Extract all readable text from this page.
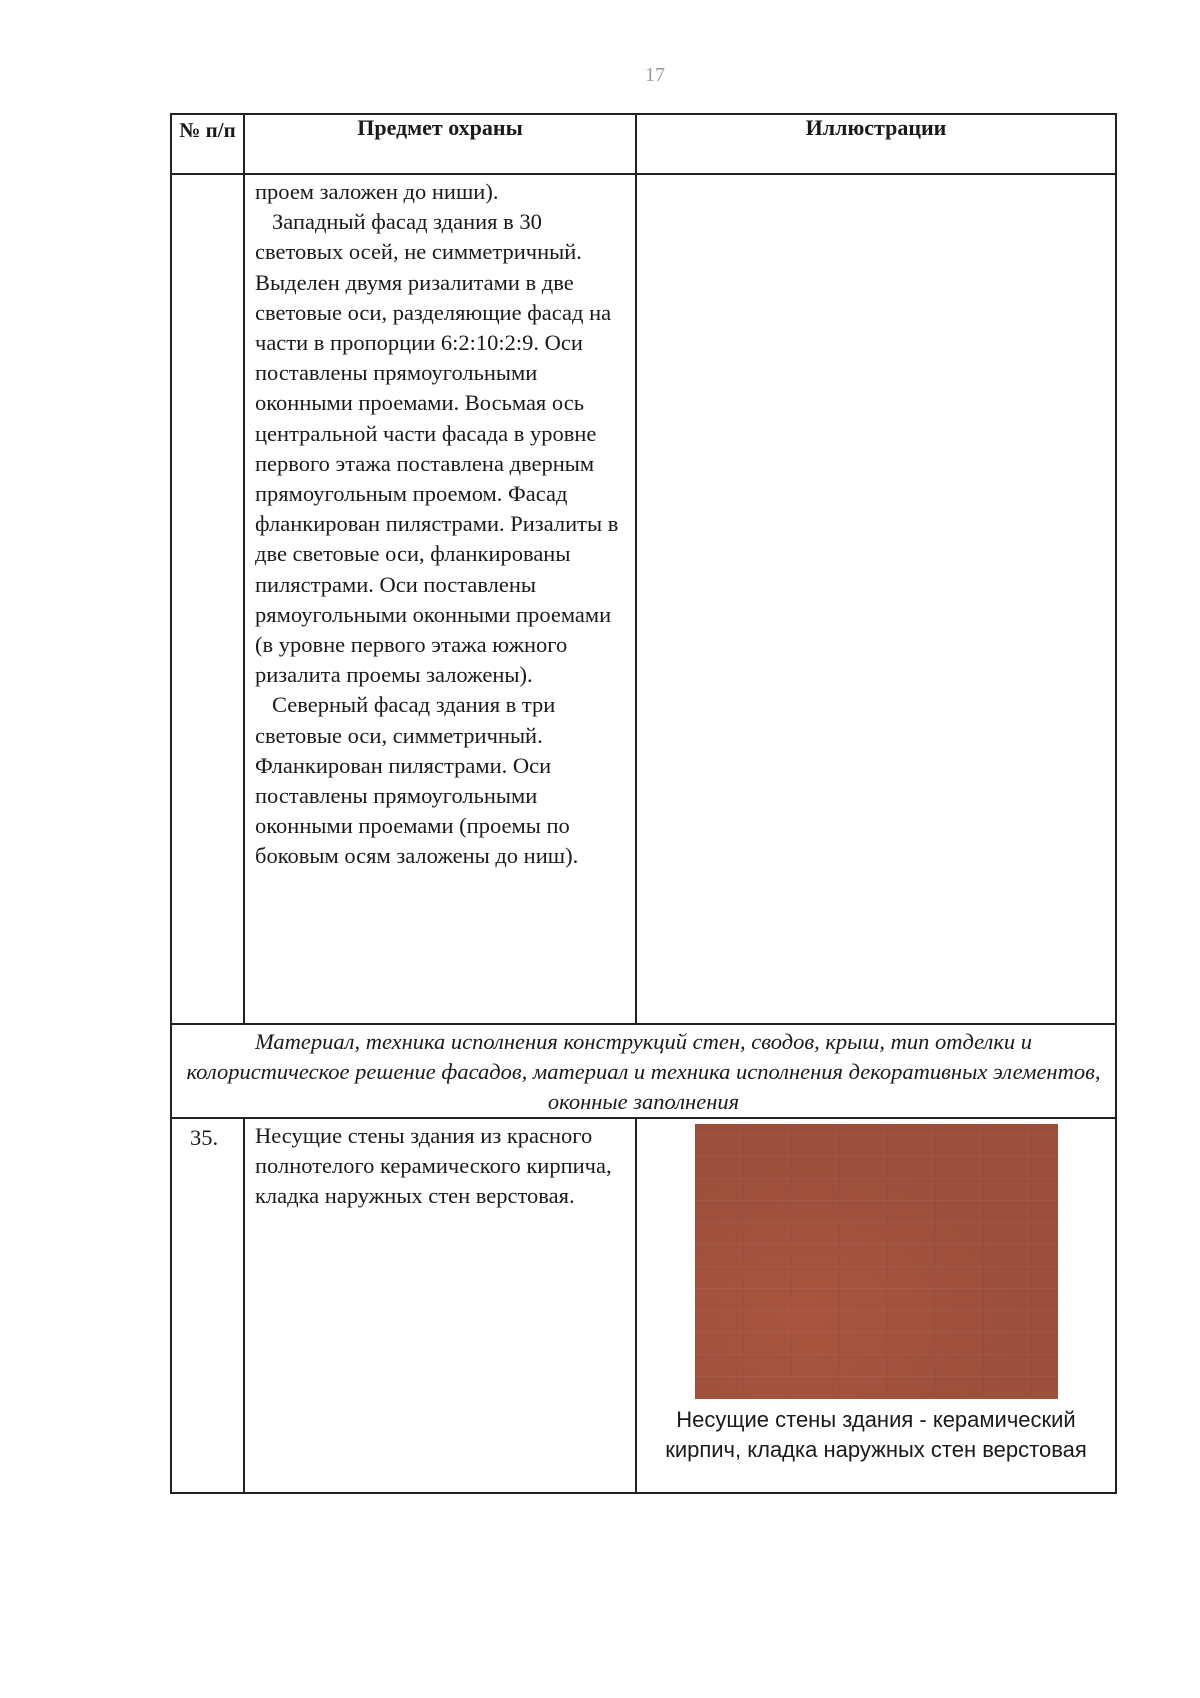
17
№ п/п	Предмет охраны	Иллюстрации

	проем заложен до ниши).

Западный фасад здания в 30 световых осей, не симметричный. Выделен двумя ризалитами в две световые оси, разделяющие фасад на части в пропорции 6:2:10:2:9. Оси поставлены прямоугольными оконными проемами. Восьмая ось центральной части фасада в уровне первого этажа поставлена дверным прямоугольным проемом. Фасад фланкирован пилястрами. Ризалиты в две световые оси, фланкированы пилястрами. Оси поставлены рямоугольными оконными проемами (в уровне первого этажа южного ризалита проемы заложены).

Северный фасад здания в три световые оси, симметричный. Фланкирован пилястрами. Оси поставлены прямоугольными оконными проемами (проемы по боковым осям заложены до ниш).	

Материал, техника исполнения конструкций стен, сводов, крыш, тип отделки и колористическое решение фасадов, материал и техника исполнения декоративных элементов, оконные заполнения		
35.	Несущие стены здания из красного полнотелого керамического кирпича, кладка наружных стен верстовая.	Несущие стены здания - керамический кирпич, кладка наружных стен верстовая
